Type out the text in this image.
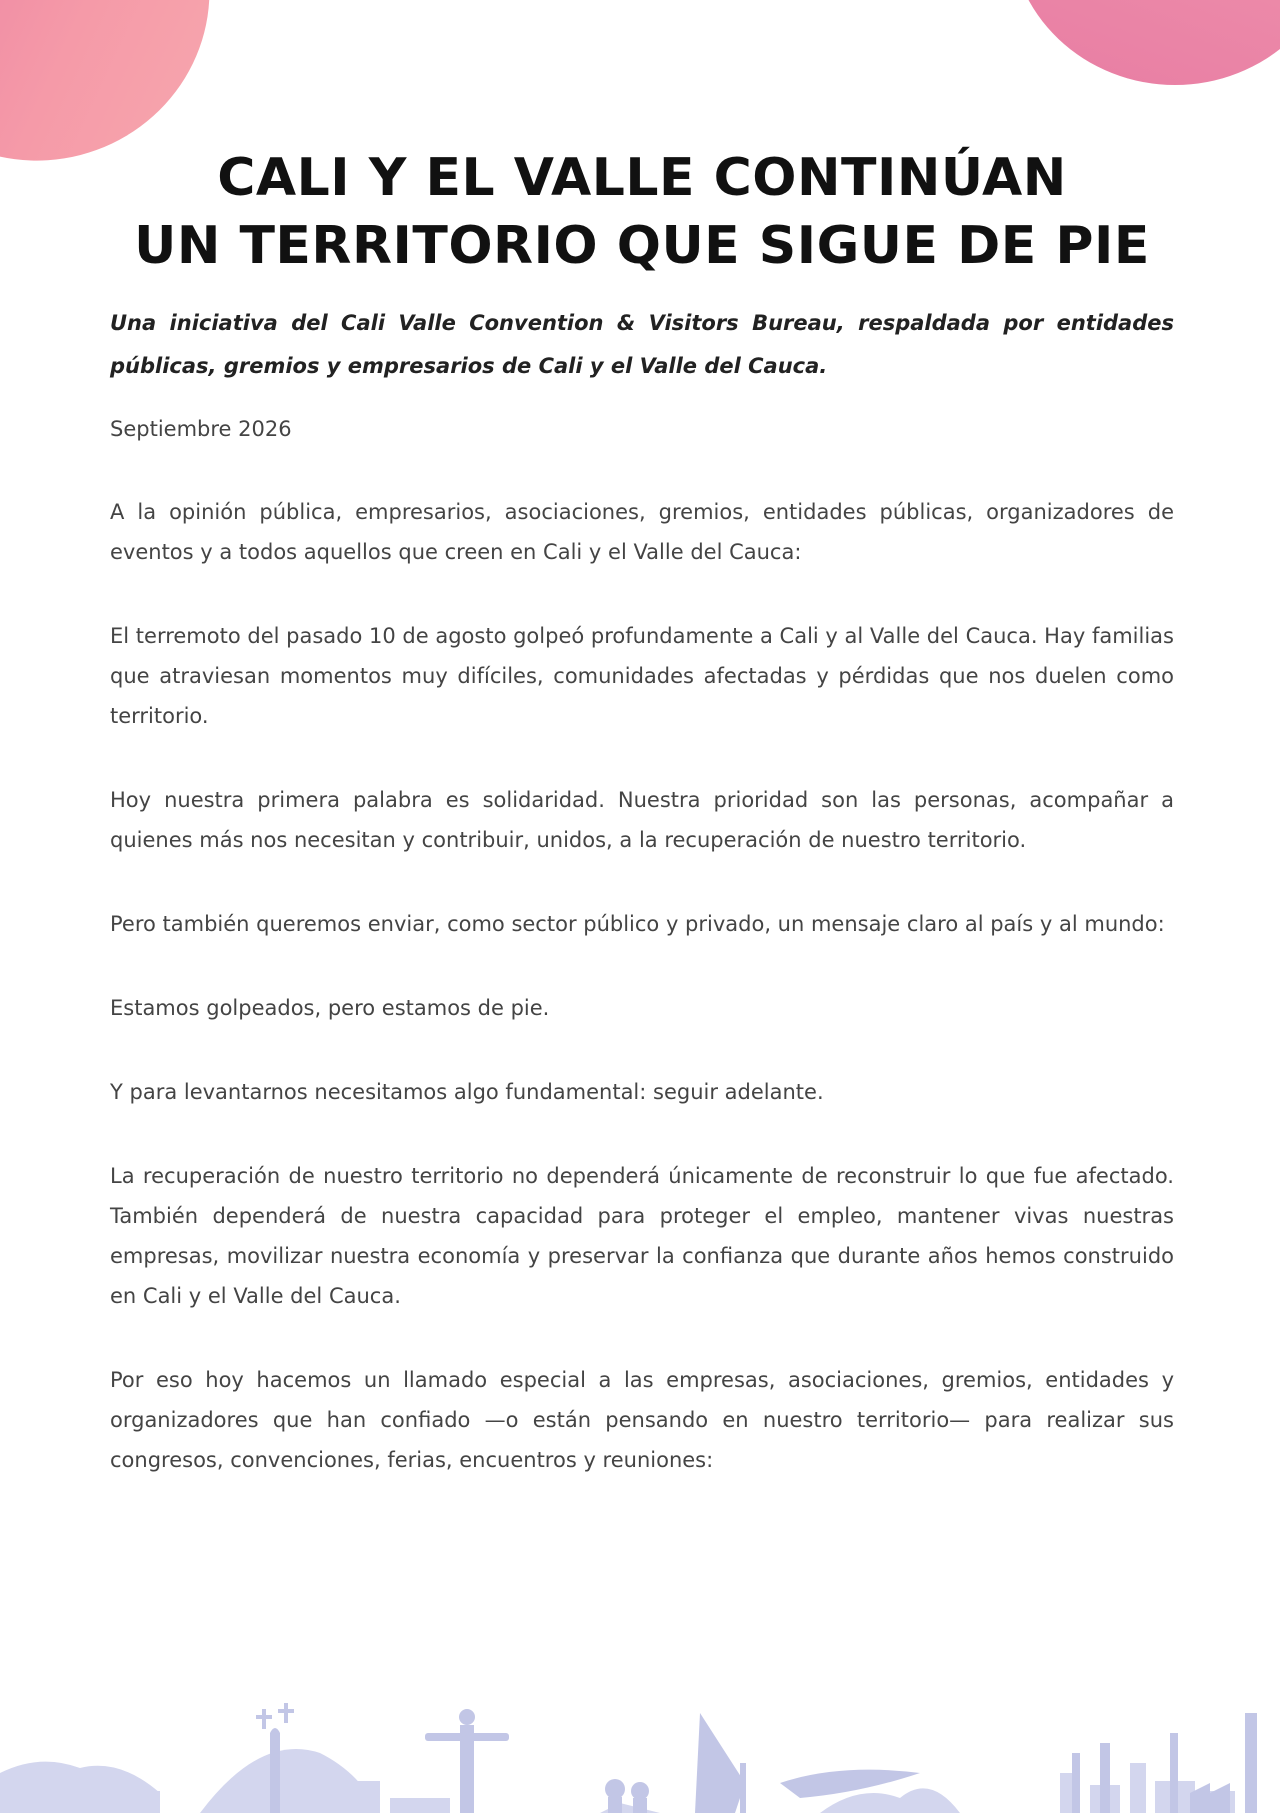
CALI Y EL VALLE CONTINÚAN
UN TERRITORIO QUE SIGUE DE PIE

Una iniciativa del Cali Valle Convention & Visitors Bureau, respaldada por entidades públicas, gremios y empresarios de Cali y el Valle del Cauca.

Septiembre 2026

A la opinión pública, empresarios, asociaciones, gremios, entidades públicas, organizadores de eventos y a todos aquellos que creen en Cali y el Valle del Cauca:

El terremoto del pasado 10 de agosto golpeó profundamente a Cali y al Valle del Cauca. Hay familias que atraviesan momentos muy difíciles, comunidades afectadas y pérdidas que nos duelen como territorio.

Hoy nuestra primera palabra es solidaridad. Nuestra prioridad son las personas, acompañar a quienes más nos necesitan y contribuir, unidos, a la recuperación de nuestro territorio.

Pero también queremos enviar, como sector público y privado, un mensaje claro al país y al mundo:

Estamos golpeados, pero estamos de pie.

Y para levantarnos necesitamos algo fundamental: seguir adelante.

La recuperación de nuestro territorio no dependerá únicamente de reconstruir lo que fue afectado. También dependerá de nuestra capacidad para proteger el empleo, mantener vivas nuestras empresas, movilizar nuestra economía y preservar la confianza que durante años hemos construido en Cali y el Valle del Cauca.

Por eso hoy hacemos un llamado especial a las empresas, asociaciones, gremios, entidades y organizadores que han confiado —o están pensando en nuestro territorio— para realizar sus congresos, convenciones, ferias, encuentros y reuniones:
